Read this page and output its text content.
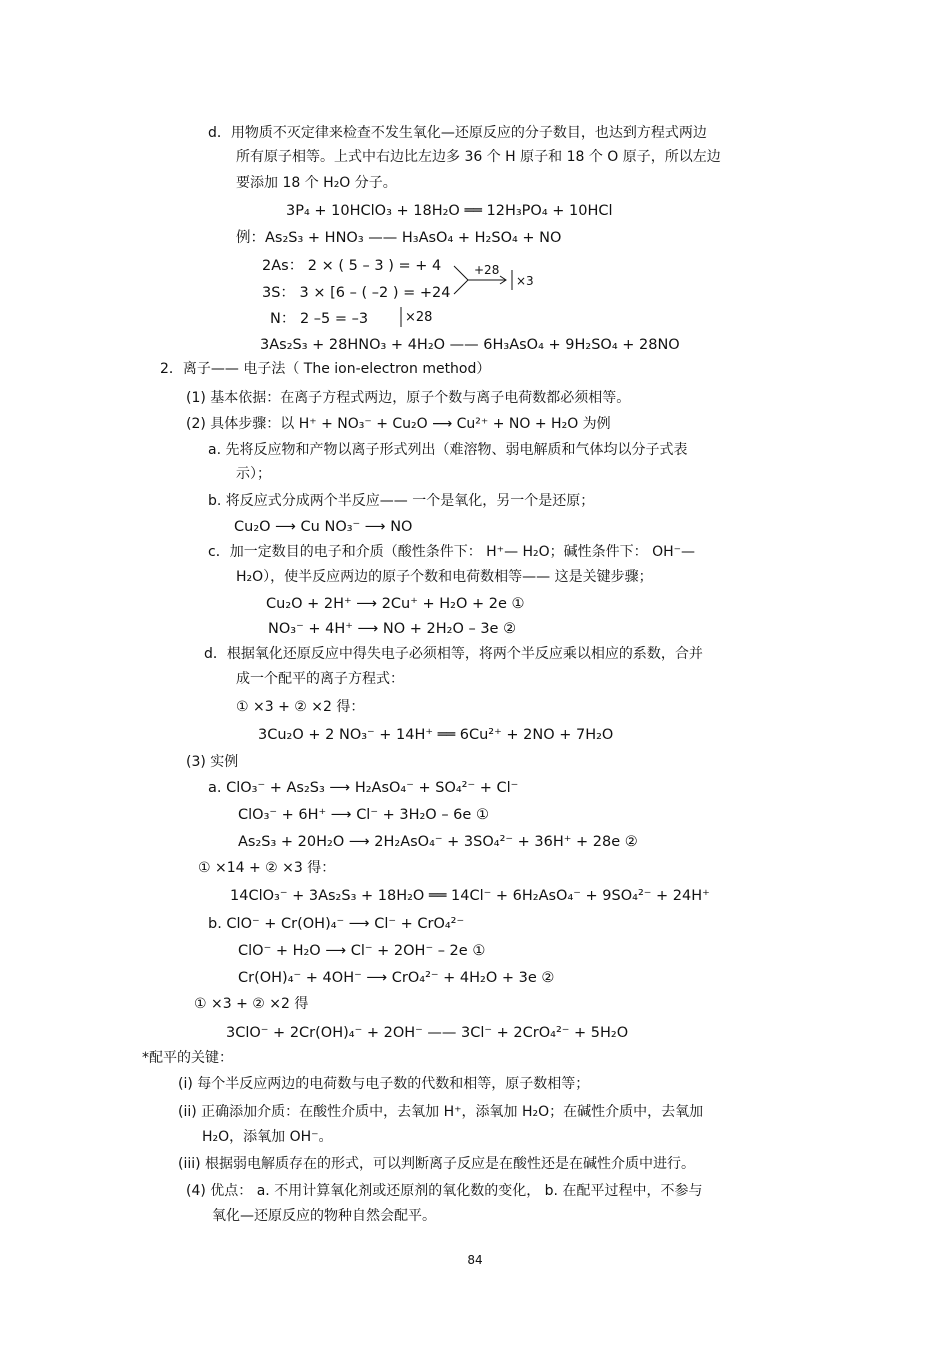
d．用物质不灭定律来检查不发生氧化—还原反应的分子数目，也达到方程式两边
所有原子相等。上式中右边比左边多 36 个 H 原子和 18 个 O 原子，所以左边
要添加 18 个 H₂O 分子。
3P₄ + 10HClO₃ + 18H₂O ══ 12H₃PO₄ + 10HCl
例：As₂S₃ + HNO₃ —— H₃AsO₄ + H₂SO₄ + NO
2As： 2 × ( 5 – 3 ) = + 4
3S： 3 × [6 – ( –2 ) = +24
N： 2 –5 = –3
3As₂S₃ + 28HNO₃ + 4H₂O —— 6H₃AsO₄ + 9H₂SO₄ + 28NO
2．离子—— 电子法（ The ion-electron method）
(1) 基本依据：在离子方程式两边，原子个数与离子电荷数都必须相等。
(2) 具体步骤：以 H⁺ + NO₃⁻ + Cu₂O ⟶ Cu²⁺ + NO + H₂O 为例
a. 先将反应物和产物以离子形式列出（难溶物、弱电解质和气体均以分子式表
示）；
b. 将反应式分成两个半反应—— 一个是氧化，另一个是还原；
Cu₂O ⟶ Cu NO₃⁻ ⟶ NO
c．加一定数目的电子和介质（酸性条件下： H⁺— H₂O；碱性条件下： OH⁻—
H₂O），使半反应两边的原子个数和电荷数相等—— 这是关键步骤；
Cu₂O + 2H⁺ ⟶ 2Cu⁺ + H₂O + 2e ①
NO₃⁻ + 4H⁺ ⟶ NO + 2H₂O – 3e ②
d．根据氧化还原反应中得失电子必须相等，将两个半反应乘以相应的系数，合并
成一个配平的离子方程式：
① ×3 + ② ×2 得：
3Cu₂O + 2 NO₃⁻ + 14H⁺ ══ 6Cu²⁺ + 2NO + 7H₂O
(3) 实例
a. ClO₃⁻ + As₂S₃ ⟶ H₂AsO₄⁻ + SO₄²⁻ + Cl⁻
ClO₃⁻ + 6H⁺ ⟶ Cl⁻ + 3H₂O – 6e ①
As₂S₃ + 20H₂O ⟶ 2H₂AsO₄⁻ + 3SO₄²⁻ + 36H⁺ + 28e ②
① ×14 + ② ×3 得：
14ClO₃⁻ + 3As₂S₃ + 18H₂O ══ 14Cl⁻ + 6H₂AsO₄⁻ + 9SO₄²⁻ + 24H⁺
b. ClO⁻ + Cr(OH)₄⁻ ⟶ Cl⁻ + CrO₄²⁻
ClO⁻ + H₂O ⟶ Cl⁻ + 2OH⁻ – 2e ①
Cr(OH)₄⁻ + 4OH⁻ ⟶ CrO₄²⁻ + 4H₂O + 3e ②
① ×3 + ② ×2 得
3ClO⁻ + 2Cr(OH)₄⁻ + 2OH⁻ —— 3Cl⁻ + 2CrO₄²⁻ + 5H₂O
*配平的关键：
(i) 每个半反应两边的电荷数与电子数的代数和相等，原子数相等；
(ii) 正确添加介质：在酸性介质中，去氧加 H⁺，添氧加 H₂O；在碱性介质中，去氧加
H₂O，添氧加 OH⁻。
(iii) 根据弱电解质存在的形式，可以判断离子反应是在酸性还是在碱性介质中进行。
(4) 优点： a. 不用计算氧化剂或还原剂的氧化数的变化， b. 在配平过程中，不参与
氧化—还原反应的物种自然会配平。
+28
×3
×28
84
